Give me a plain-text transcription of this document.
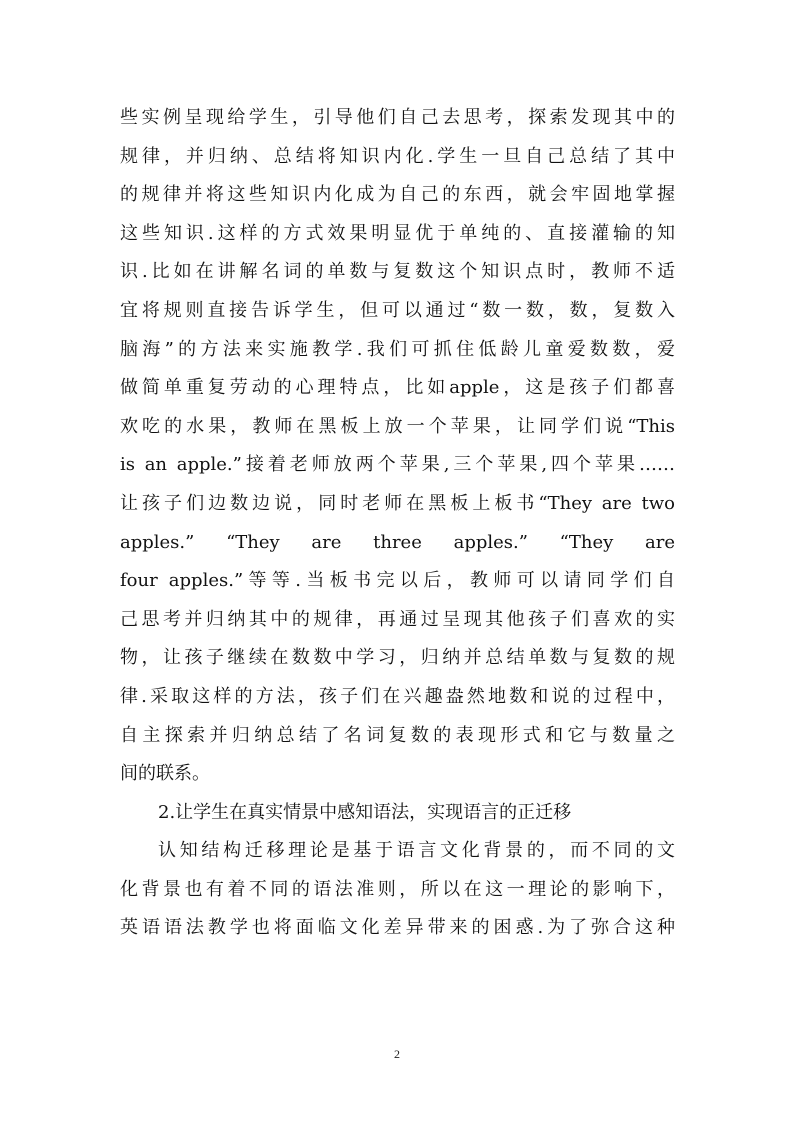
些实例呈现给学生，引导他们自己去思考，探索发现其中的
规律，并归纳、总结将知识内化.学生一旦自己总结了其中
的规律并将这些知识内化成为自己的东西，就会牢固地掌握
这些知识.这样的方式效果明显优于单纯的、直接灌输的知
识.比如在讲解名词的单数与复数这个知识点时，教师不适
宜将规则直接告诉学生，但可以通过“数一数，数，复数入
脑海”的方法来实施教学.我们可抓住低龄儿童爱数数，爱
做简单重复劳动的心理特点，比如apple，这是孩子们都喜
欢吃的水果，教师在黑板上放一个苹果，让同学们说“This
is an apple.”接着老师放两个苹果,三个苹果,四个苹果……
让孩子们边数边说，同时老师在黑板上板书“They are two
apples.”  “They  are  three  apples.”  “They  are
four apples.”等等.当板书完以后，教师可以请同学们自
己思考并归纳其中的规律，再通过呈现其他孩子们喜欢的实
物，让孩子继续在数数中学习，归纳并总结单数与复数的规
律.采取这样的方法，孩子们在兴趣盎然地数和说的过程中，
自主探索并归纳总结了名词复数的表现形式和它与数量之
间的联系。
2.让学生在真实情景中感知语法，实现语言的正迁移
认知结构迁移理论是基于语言文化背景的，而不同的文
化背景也有着不同的语法准则，所以在这一理论的影响下，
英语语法教学也将面临文化差异带来的困惑.为了弥合这种
2
